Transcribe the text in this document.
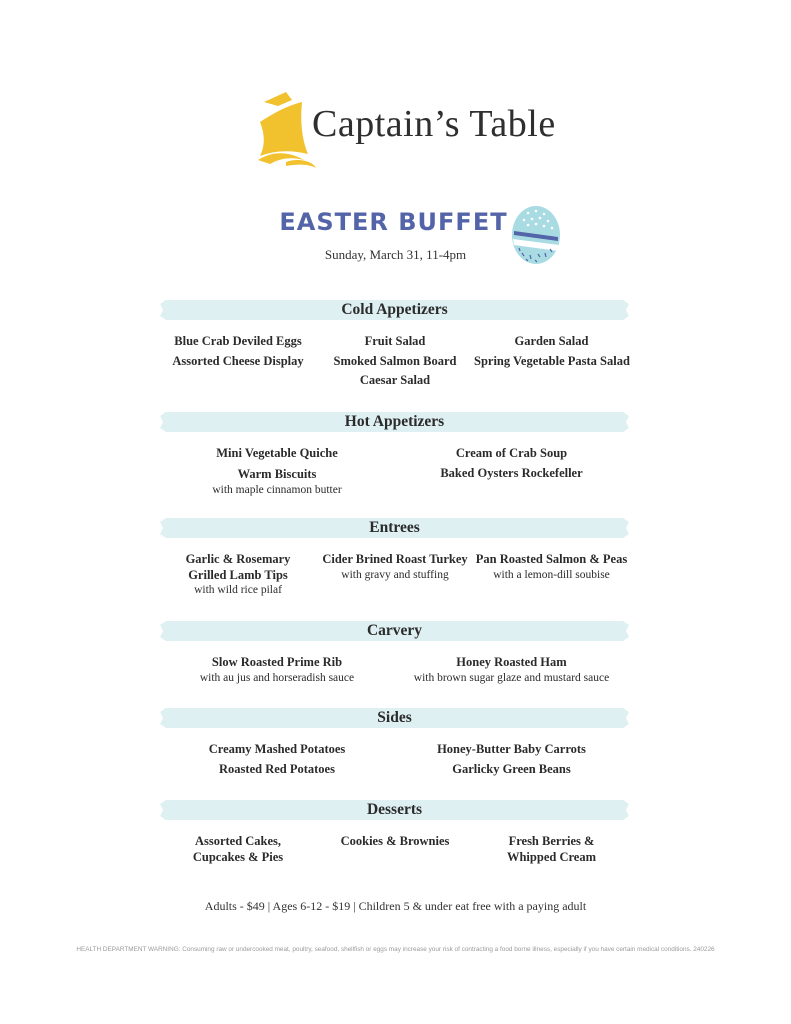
Captain’s Table
EASTER BUFFET
Sunday, March 31, 11-4pm
Cold Appetizers
Blue Crab Deviled Eggs
Assorted Cheese Display
Fruit Salad
Smoked Salmon Board
Caesar Salad
Garden Salad
Spring Vegetable Pasta Salad
Hot Appetizers
Mini Vegetable Quiche
Warm Biscuits
with maple cinnamon butter
Cream of Crab Soup
Baked Oysters Rockefeller
Entrees
Garlic & Rosemary
Grilled Lamb Tips
with wild rice pilaf
Cider Brined Roast Turkey
with gravy and stuffing
Pan Roasted Salmon & Peas
with a lemon-dill soubise
Carvery
Slow Roasted Prime Rib
with au jus and horseradish sauce
Honey Roasted Ham
with brown sugar glaze and mustard sauce
Sides
Creamy Mashed Potatoes
Roasted Red Potatoes
Honey-Butter Baby Carrots
Garlicky Green Beans
Desserts
Assorted Cakes,
Cupcakes & Pies
Cookies & Brownies	Fresh Berries &
Whipped Cream
Adults - $49 | Ages 6-12 - $19 | Children 5 & under eat free with a paying adult
HEALTH DEPARTMENT WARNING: Consuming raw or undercooked meat, poultry, seafood, shellfish or eggs may increase your risk of contracting a food borne illness, especially if you have certain medical conditions. 240226
